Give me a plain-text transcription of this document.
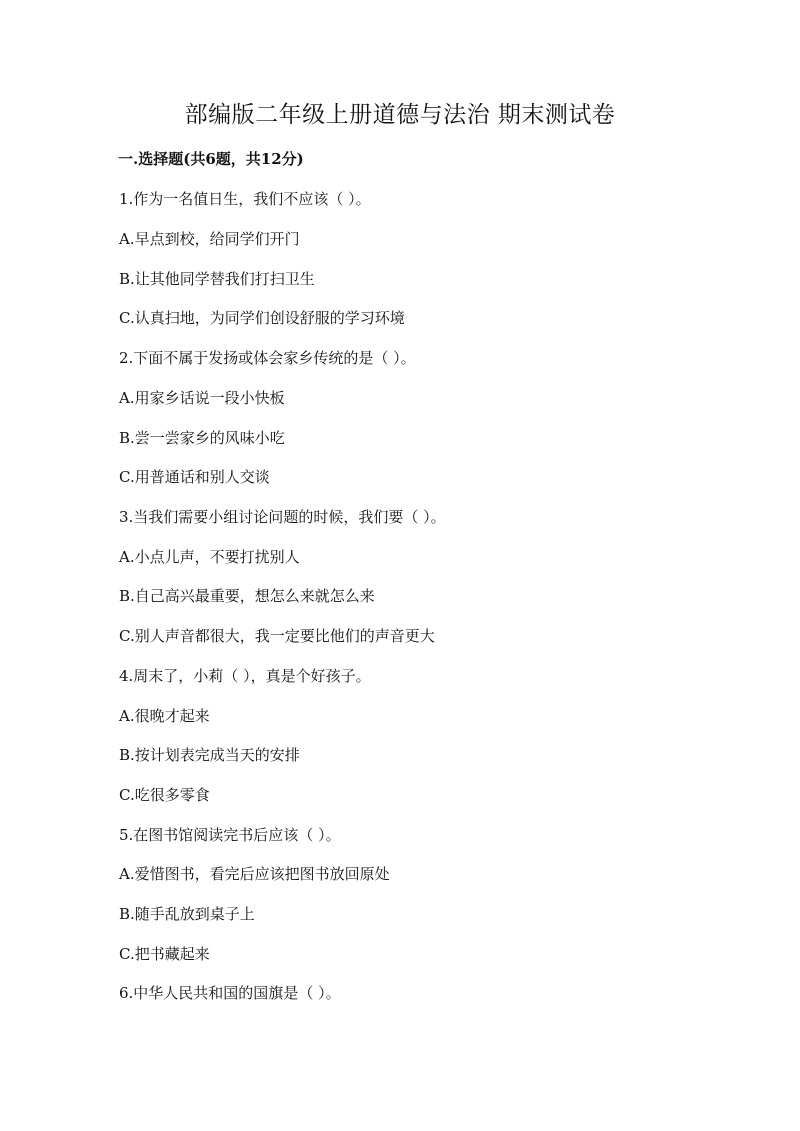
部编版二年级上册道德与法治 期末测试卷
一.选择题(共6题，共12分)

1.作为一名值日生，我们不应该（ ）。

A.早点到校，给同学们开门

B.让其他同学替我们打扫卫生

C.认真扫地，为同学们创设舒服的学习环境

2.下面不属于发扬或体会家乡传统的是（ ）。

A.用家乡话说一段小快板

B.尝一尝家乡的风味小吃

C.用普通话和别人交谈

3.当我们需要小组讨论问题的时候，我们要（ ）。

A.小点儿声，不要打扰别人

B.自己高兴最重要，想怎么来就怎么来

C.别人声音都很大，我一定要比他们的声音更大

4.周末了，小莉（ ），真是个好孩子。

A.很晚才起来

B.按计划表完成当天的安排

C.吃很多零食

5.在图书馆阅读完书后应该（ ）。

A.爱惜图书，看完后应该把图书放回原处

B.随手乱放到桌子上

C.把书藏起来

6.中华人民共和国的国旗是（ ）。
